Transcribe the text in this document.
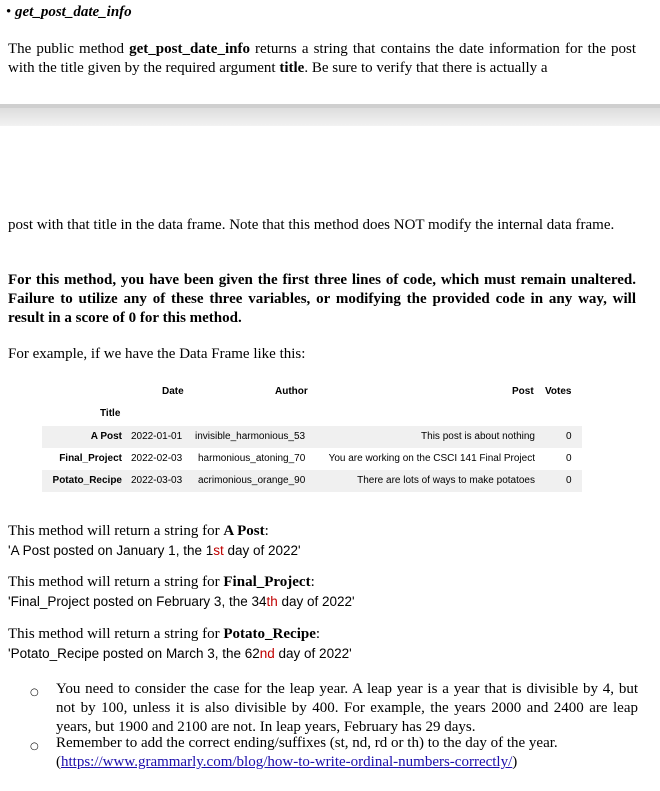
• get_post_date_info
The public method get_post_date_info returns a string that contains the date information for the post with the title given by the required argument title. Be sure to verify that there is actually a
post with that title in the data frame. Note that this method does NOT modify the internal data frame.
For this method, you have been given the first three lines of code, which must remain unaltered. Failure to utilize any of these three variables, or modifying the provided code in any way, will result in a score of 0 for this method.
For example, if we have the Data Frame like this:
Date	Author	Post Votes
Title
A Post 2022-01-01 invisible_harmonious_53	This post is about nothing	0
Final_Project 2022-02-03 harmonious_atoning_70 You are working on the CSCI 141 Final Project	0
Potato_Recipe 2022-03-03 acrimonious_orange_90	There are lots of ways to make potatoes	0
This method will return a string for A Post:
'A Post posted on January 1, the 1st day of 2022'
This method will return a string for Final_Project:
'Final_Project posted on February 3, the 34th day of 2022'
This method will return a string for Potato_Recipe:
'Potato_Recipe posted on March 3, the 62nd day of 2022'
○ You need to consider the case for the leap year. A leap year is a year that is divisible by 4, but not by 100, unless it is also divisible by 400. For example, the years 2000 and 2400 are leap years, but 1900 and 2100 are not. In leap years, February has 29 days.
○ Remember to add the correct ending/suffixes (st, nd, rd or th) to the day of the year.
(https://www.grammarly.com/blog/how-to-write-ordinal-numbers-correctly/)
